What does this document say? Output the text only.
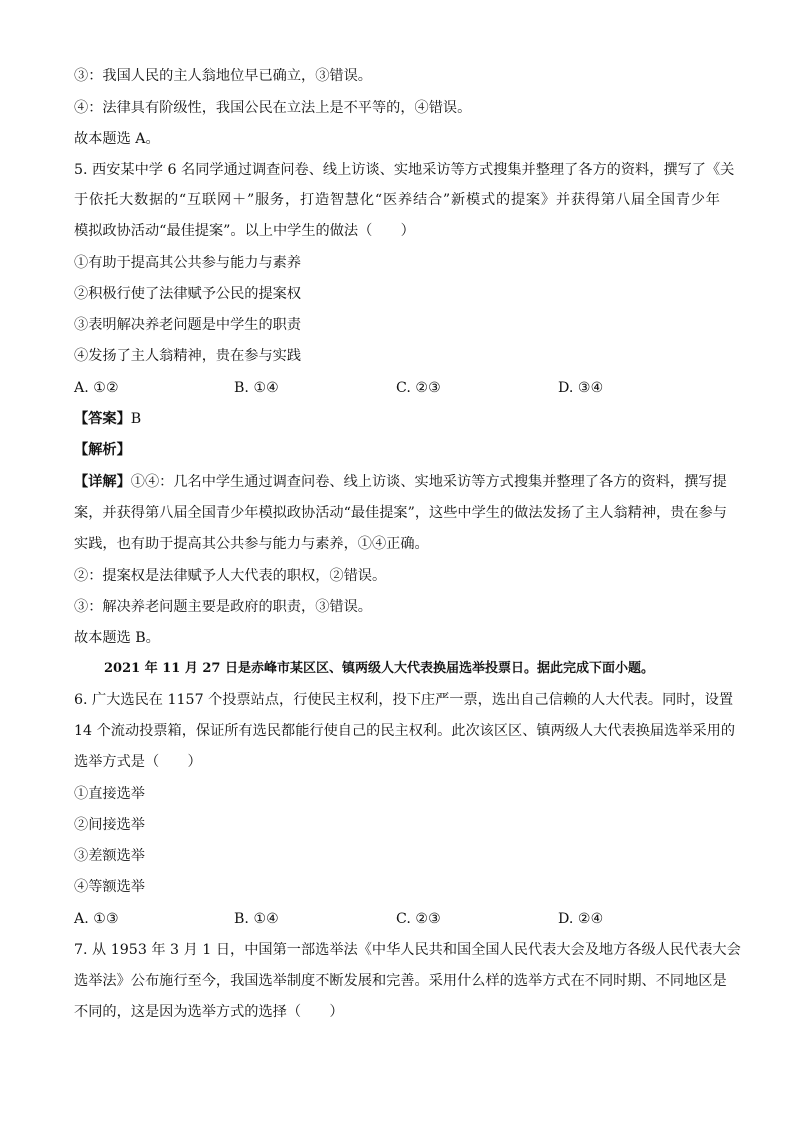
③：我国人民的主人翁地位早已确立，③错误。
④：法律具有阶级性，我国公民在立法上是不平等的，④错误。
故本题选 A。
5. 西安某中学 6 名同学通过调查问卷、线上访谈、实地采访等方式搜集并整理了各方的资料，撰写了《关
于依托大数据的“互联网＋”服务，打造智慧化“医养结合”新模式的提案》并获得第八届全国青少年
模拟政协活动“最佳提案”。以上中学生的做法（　　）
①有助于提高其公共参与能力与素养
②积极行使了法律赋予公民的提案权
③表明解决养老问题是中学生的职责
④发扬了主人翁精神，贵在参与实践
A. ①②	B. ①④	C. ②③	D. ③④
【答案】B
【解析】
【详解】①④：几名中学生通过调查问卷、线上访谈、实地采访等方式搜集并整理了各方的资料，撰写提
案，并获得第八届全国青少年模拟政协活动“最佳提案”，这些中学生的做法发扬了主人翁精神，贵在参与
实践，也有助于提高其公共参与能力与素养，①④正确。
②：提案权是法律赋予人大代表的职权，②错误。
③：解决养老问题主要是政府的职责，③错误。
故本题选 B。
2021 年 11 月 27 日是赤峰市某区区、镇两级人大代表换届选举投票日。据此完成下面小题。
6. 广大选民在 1157 个投票站点，行使民主权利，投下庄严一票，选出自己信赖的人大代表。同时，设置
14 个流动投票箱，保证所有选民都能行使自己的民主权利。此次该区区、镇两级人大代表换届选举采用的
选举方式是（　　）
①直接选举
②间接选举
③差额选举
④等额选举
A. ①③	B. ①④	C. ②③	D. ②④
7. 从 1953 年 3 月 1 日，中国第一部选举法《中华人民共和国全国人民代表大会及地方各级人民代表大会
选举法》公布施行至今，我国选举制度不断发展和完善。采用什么样的选举方式在不同时期、不同地区是
不同的，这是因为选举方式的选择（　　）
